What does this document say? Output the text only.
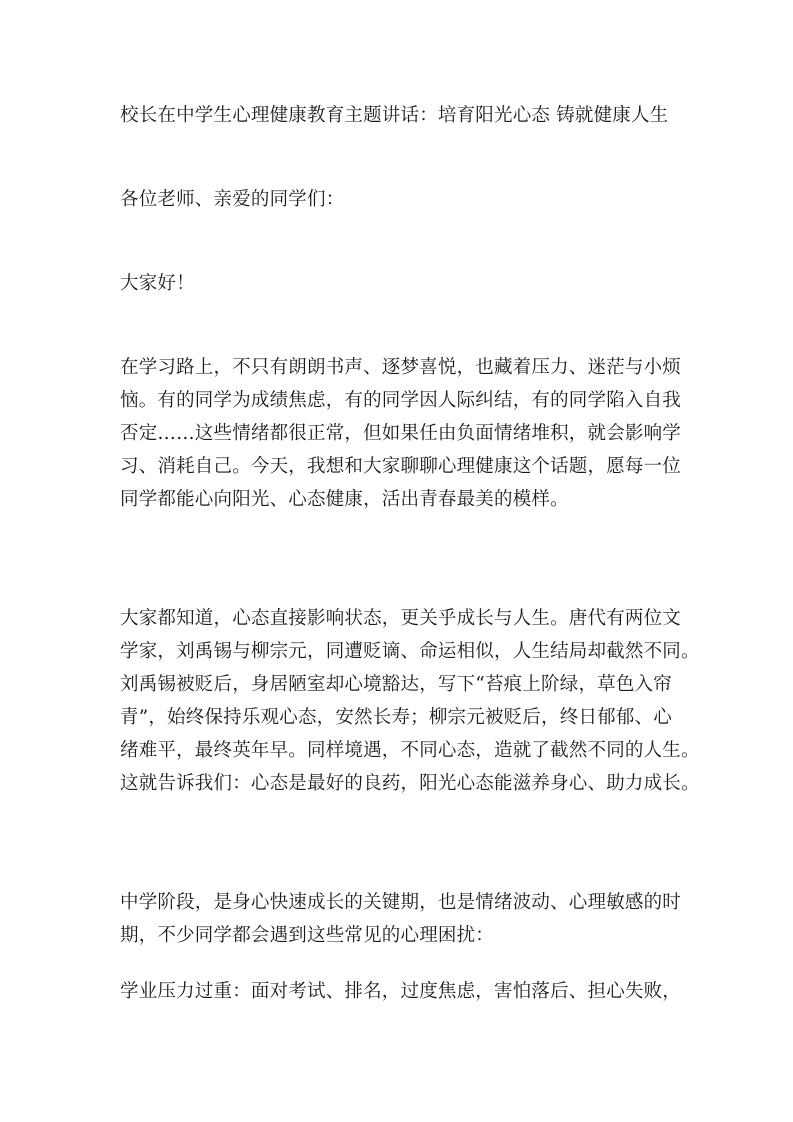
校长在中学生心理健康教育主题讲话：培育阳光心态 铸就健康人生

各位老师、亲爱的同学们：

大家好！

在学习路上，不只有朗朗书声、逐梦喜悦，也藏着压力、迷茫与小烦
恼。有的同学为成绩焦虑，有的同学因人际纠结，有的同学陷入自我
否定……这些情绪都很正常，但如果任由负面情绪堆积，就会影响学
习、消耗自己。今天，我想和大家聊聊心理健康这个话题，愿每一位
同学都能心向阳光、心态健康，活出青春最美的模样。
大家都知道，心态直接影响状态，更关乎成长与人生。唐代有两位文
学家，刘禹锡与柳宗元，同遭贬谪、命运相似，人生结局却截然不同。
刘禹锡被贬后，身居陋室却心境豁达，写下“苔痕上阶绿，草色入帘
青”，始终保持乐观心态，安然长寿；柳宗元被贬后，终日郁郁、心
绪难平，最终英年早。同样境遇，不同心态，造就了截然不同的人生。
这就告诉我们：心态是最好的良药，阳光心态能滋养身心、助力成长。
中学阶段，是身心快速成长的关键期，也是情绪波动、心理敏感的时
期，不少同学都会遇到这些常见的心理困扰：
学业压力过重：面对考试、排名，过度焦虑，害怕落后、担心失败，
